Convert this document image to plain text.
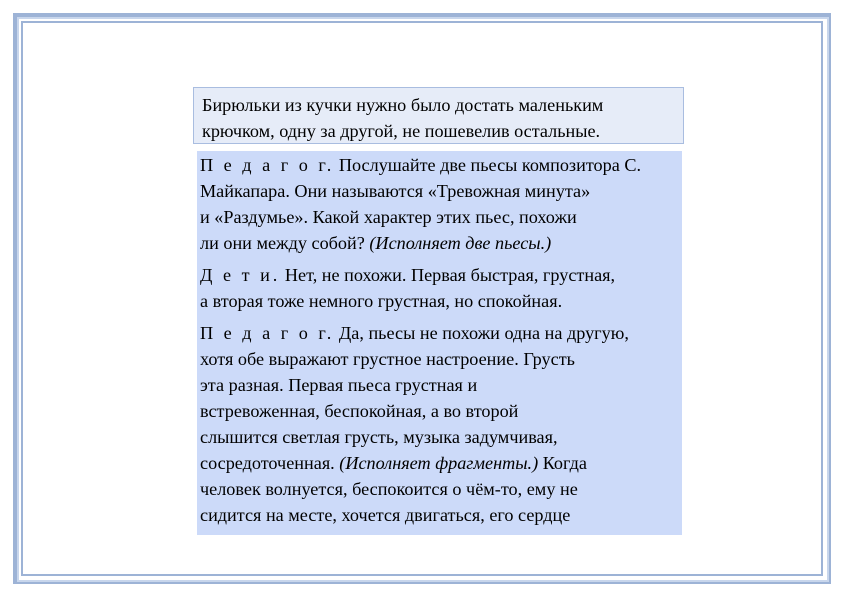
Бирюльки из кучки нужно было достать маленьким
крючком, одну за другой, не пошевелив остальные.
П е д а г о г. Послушайте две пьесы композитора С.
Майкапара. Они называются «Тревожная минута»
и «Раздумье». Какой характер этих пьес, похожи
ли они между собой? (Исполняет две пьесы.)
Д е т и. Нет, не похожи. Первая быстрая, грустная,
а вторая тоже немного грустная, но спокойная.
П е д а г о г. Да, пьесы не похожи одна на другую,
хотя обе выражают грустное настроение. Грусть
эта разная. Первая пьеса грустная и
встревоженная, беспокойная, а во второй
слышится светлая грусть, музыка задумчивая,
сосредоточенная. (Исполняет фрагменты.) Когда
человек волнуется, беспокоится о чём-то, ему не
сидится на месте, хочется двигаться, его сердце
